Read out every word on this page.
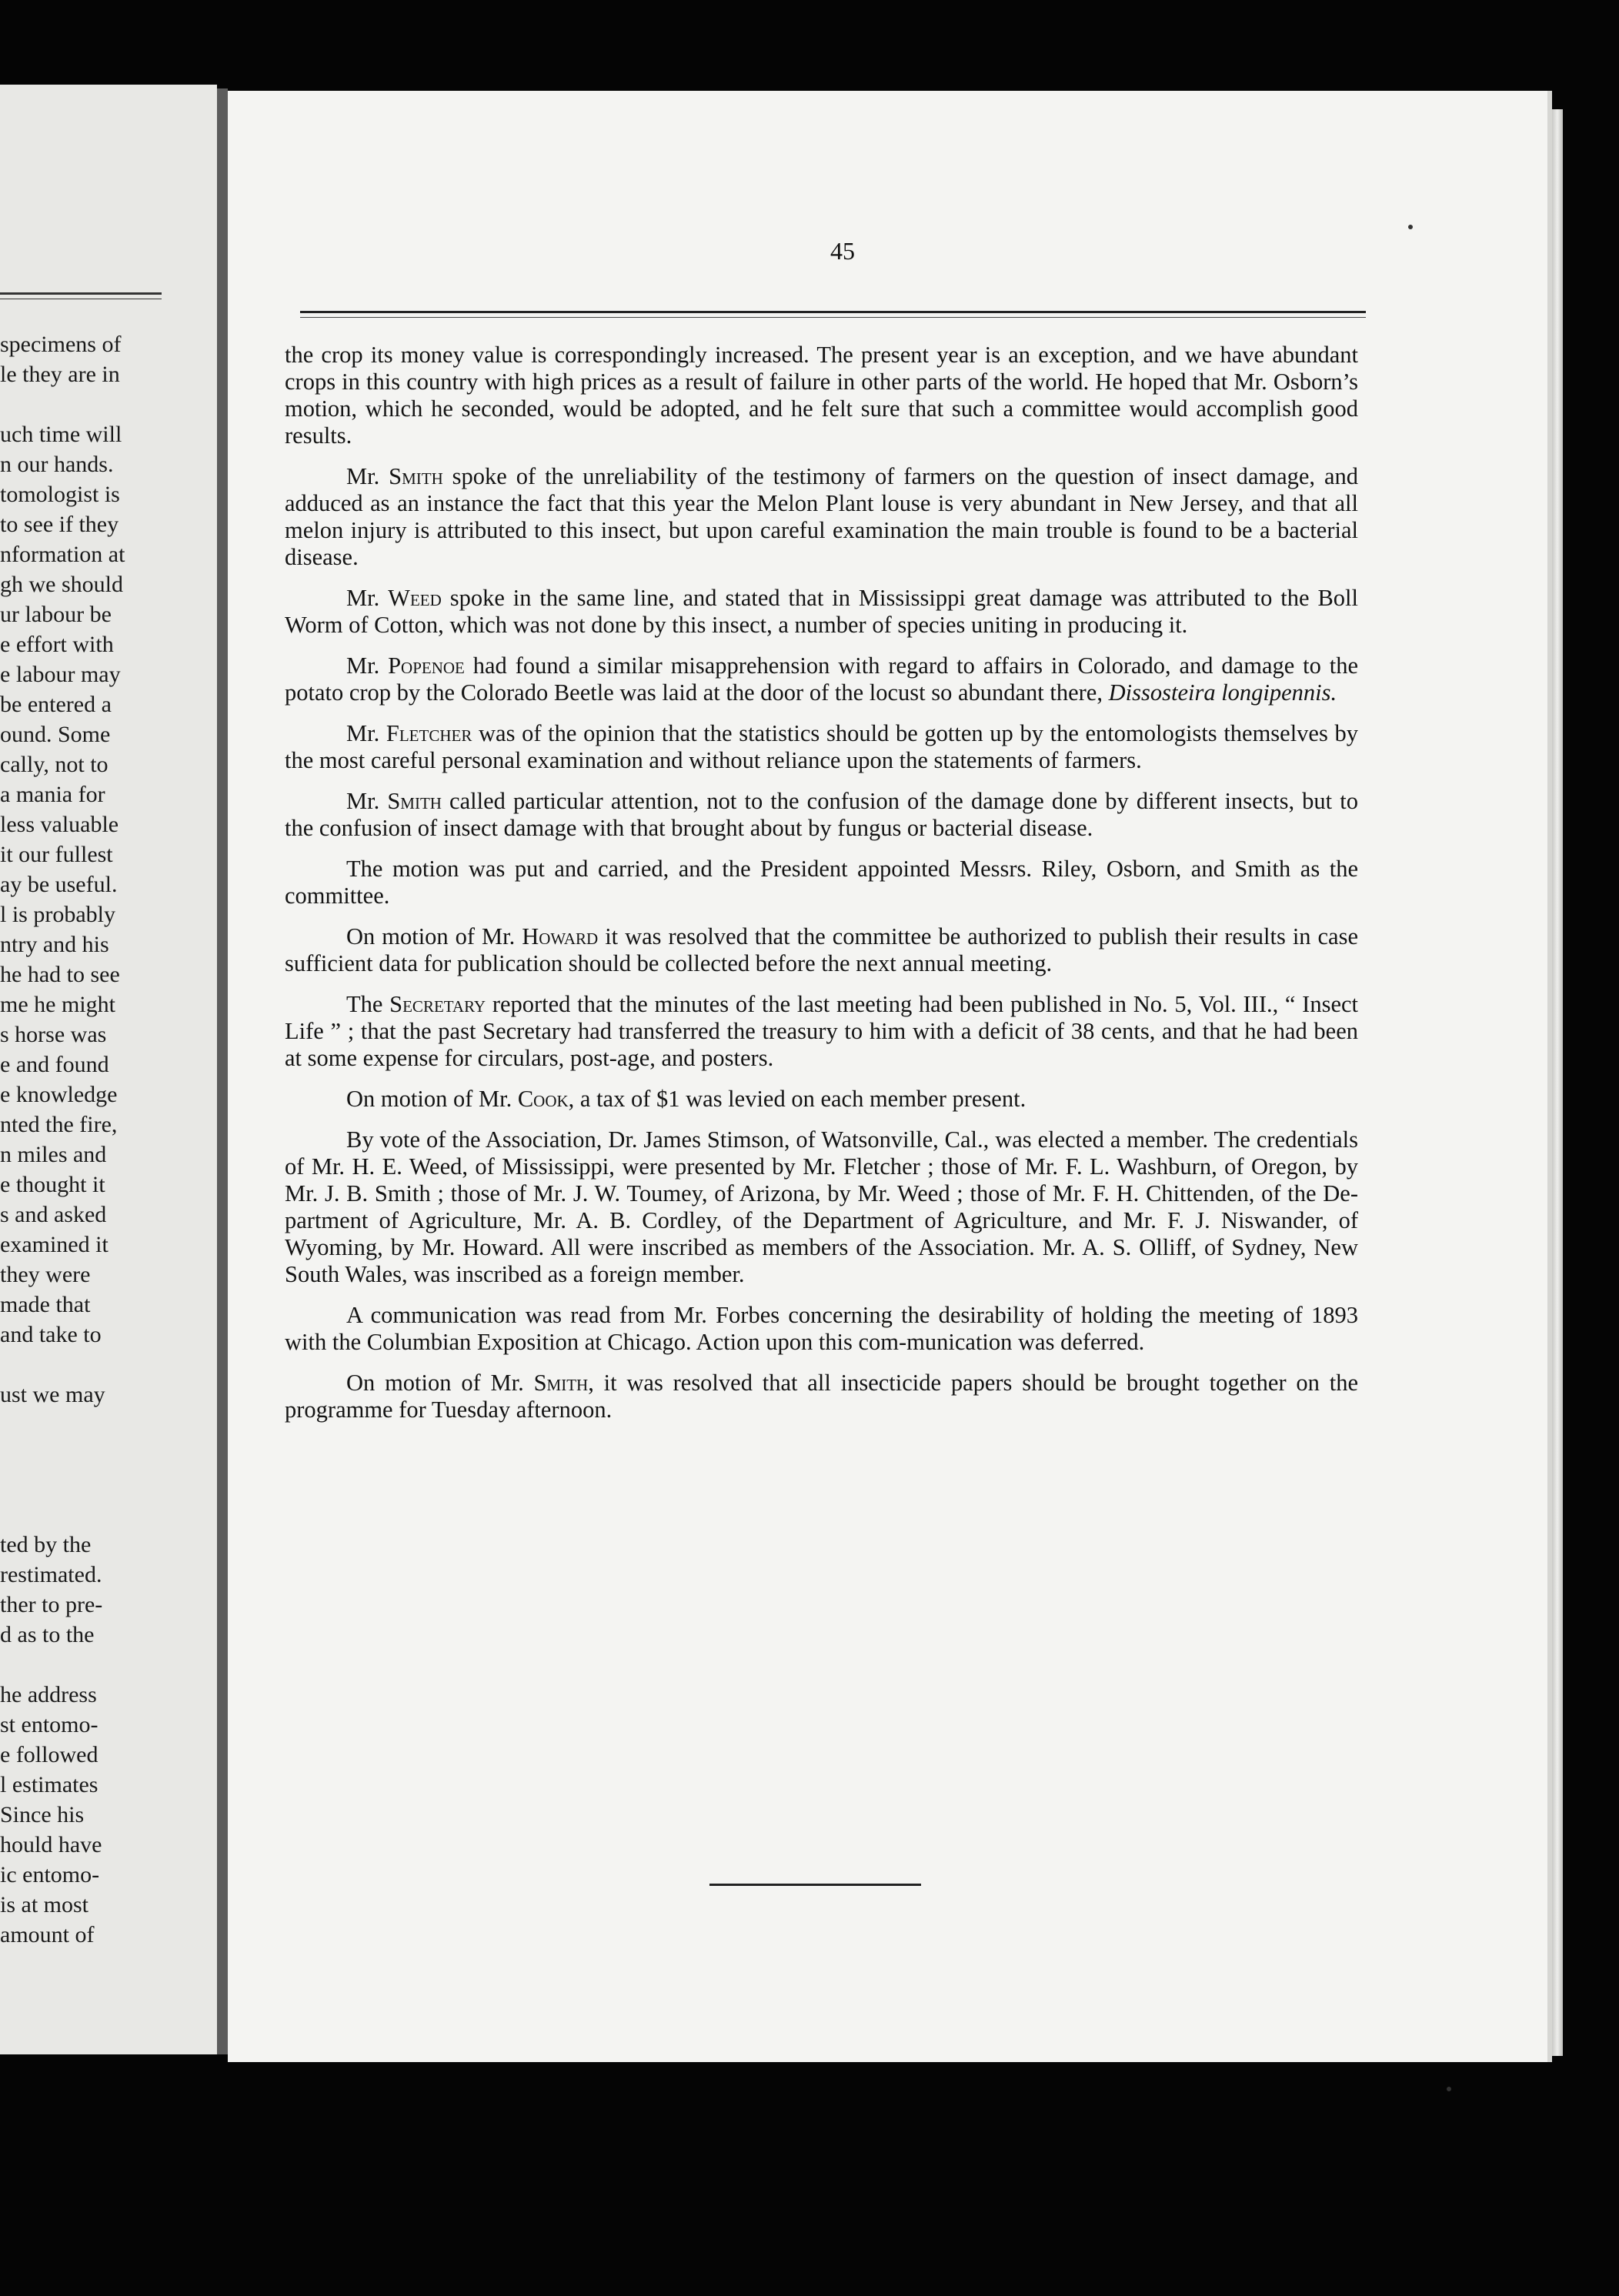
specimens of
le they are in
uch time will
n our hands.
tomologist is
to see if they
nformation at
gh we should
ur labour be
e effort with
e labour may
be entered a
ound. Some
cally, not to
a mania for
less valuable
it our fullest
ay be useful.
l is probably
ntry and his
he had to see
me he might
s horse was
e and found
e knowledge
nted the fire,
n miles and
e thought it
s and asked
examined it
they were
made that
and take to
ust we may
ted by the
restimated.
ther to pre-
d as to the
he address
st entomo-
e followed
l estimates
Since his
hould have
ic entomo-
is at most
amount of
45

the crop its money value is correspondingly increased. The present year is an exception, and we have abundant crops in this country with high prices as a result of failure in other parts of the world. He hoped that Mr. Osborn’s motion, which he seconded, would be adopted, and he felt sure that such a committee would accomplish good results.

Mr. Smith spoke of the unreliability of the testimony of farmers on the question of insect damage, and adduced as an instance the fact that this year the Melon Plant louse is very abundant in New Jersey, and that all melon injury is attributed to this insect, but upon careful examination the main trouble is found to be a bacterial disease.

Mr. Weed spoke in the same line, and stated that in Mississippi great damage was attributed to the Boll Worm of Cotton, which was not done by this insect, a number of species uniting in producing it.

Mr. Popenoe had found a similar misapprehension with regard to affairs in Colorado, and damage to the potato crop by the Colorado Beetle was laid at the door of the locust so abundant there, Dissosteira longipennis.

Mr. Fletcher was of the opinion that the statistics should be gotten up by the entomologists themselves by the most careful personal examination and without reliance upon the statements of farmers.

Mr. Smith called particular attention, not to the confusion of the damage done by different insects, but to the confusion of insect damage with that brought about by fungus or bacterial disease.

The motion was put and carried, and the President appointed Messrs. Riley, Osborn, and Smith as the committee.

On motion of Mr. Howard it was resolved that the committee be authorized to publish their results in case sufficient data for publication should be collected before the next annual meeting.

The Secretary reported that the minutes of the last meeting had been published in No. 5, Vol. III., “ Insect Life ” ; that the past Secretary had transferred the treasury to him with a deficit of 38 cents, and that he had been at some expense for circulars, post-age, and posters.

On motion of Mr. Cook, a tax of $1 was levied on each member present.

By vote of the Association, Dr. James Stimson, of Watsonville, Cal., was elected a member. The credentials of Mr. H. E. Weed, of Mississippi, were presented by Mr. Fletcher ; those of Mr. F. L. Washburn, of Oregon, by Mr. J. B. Smith ; those of Mr. J. W. Toumey, of Arizona, by Mr. Weed ; those of Mr. F. H. Chittenden, of the De-partment of Agriculture, Mr. A. B. Cordley, of the Department of Agriculture, and Mr. F. J. Niswander, of Wyoming, by Mr. Howard. All were inscribed as members of the Association. Mr. A. S. Olliff, of Sydney, New South Wales, was inscribed as a foreign member.

A communication was read from Mr. Forbes concerning the desirability of holding the meeting of 1893 with the Columbian Exposition at Chicago. Action upon this com-munication was deferred.

On motion of Mr. Smith, it was resolved that all insecticide papers should be brought together on the programme for Tuesday afternoon.
